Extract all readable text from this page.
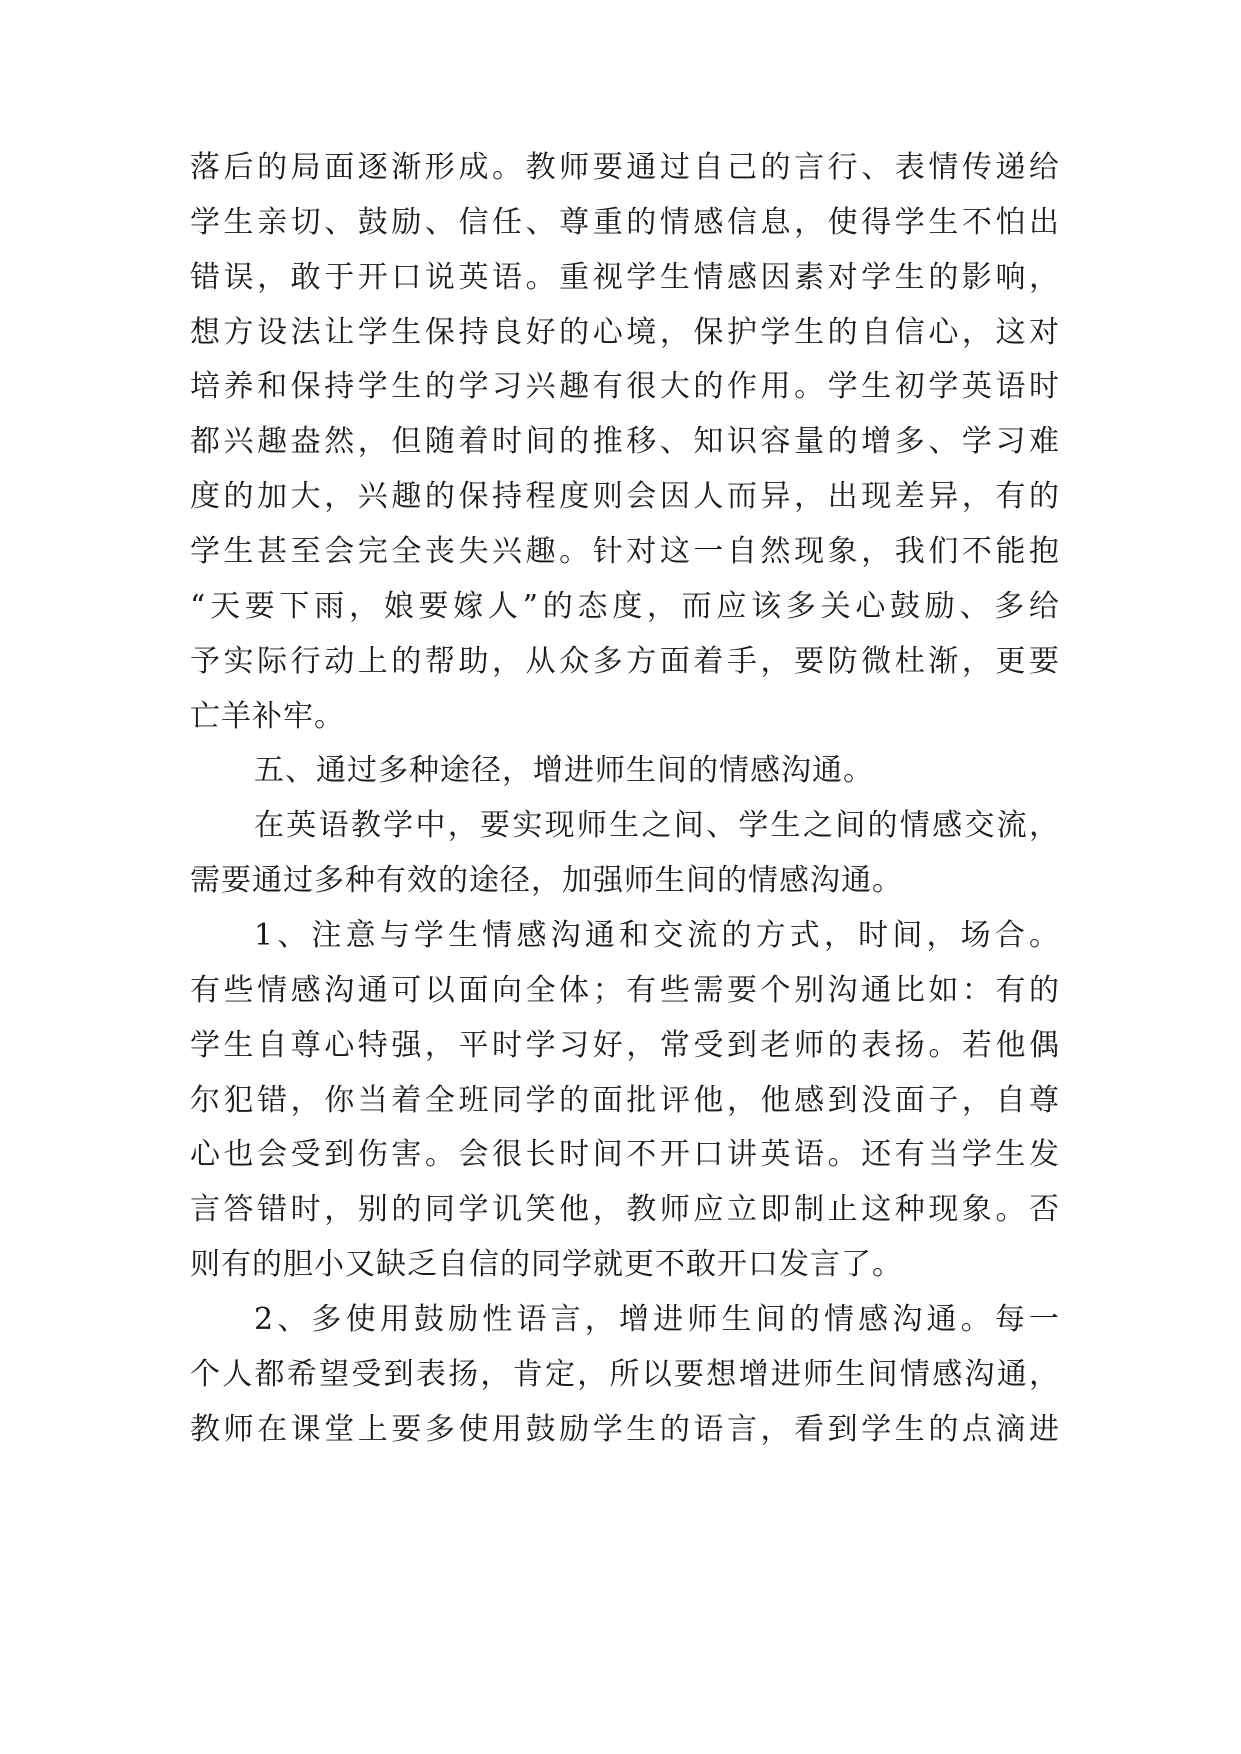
落后的局面逐渐形成。教师要通过自己的言行、表情传递给
学生亲切、鼓励、信任、尊重的情感信息，使得学生不怕出
错误，敢于开口说英语。重视学生情感因素对学生的影响，
想方设法让学生保持良好的心境，保护学生的自信心，这对
培养和保持学生的学习兴趣有很大的作用。学生初学英语时
都兴趣盎然，但随着时间的推移、知识容量的增多、学习难
度的加大，兴趣的保持程度则会因人而异，出现差异，有的
学生甚至会完全丧失兴趣。针对这一自然现象，我们不能抱
“天要下雨，娘要嫁人”的态度，而应该多关心鼓励、多给
予实际行动上的帮助，从众多方面着手，要防微杜渐，更要
亡羊补牢。
五、通过多种途径，增进师生间的情感沟通。
在英语教学中，要实现师生之间、学生之间的情感交流，
需要通过多种有效的途径，加强师生间的情感沟通。
1、注意与学生情感沟通和交流的方式，时间，场合。
有些情感沟通可以面向全体；有些需要个别沟通比如：有的
学生自尊心特强，平时学习好，常受到老师的表扬。若他偶
尔犯错，你当着全班同学的面批评他，他感到没面子，自尊
心也会受到伤害。会很长时间不开口讲英语。还有当学生发
言答错时，别的同学讥笑他，教师应立即制止这种现象。否
则有的胆小又缺乏自信的同学就更不敢开口发言了。
2、多使用鼓励性语言，增进师生间的情感沟通。每一
个人都希望受到表扬，肯定，所以要想增进师生间情感沟通，
教师在课堂上要多使用鼓励学生的语言，看到学生的点滴进
